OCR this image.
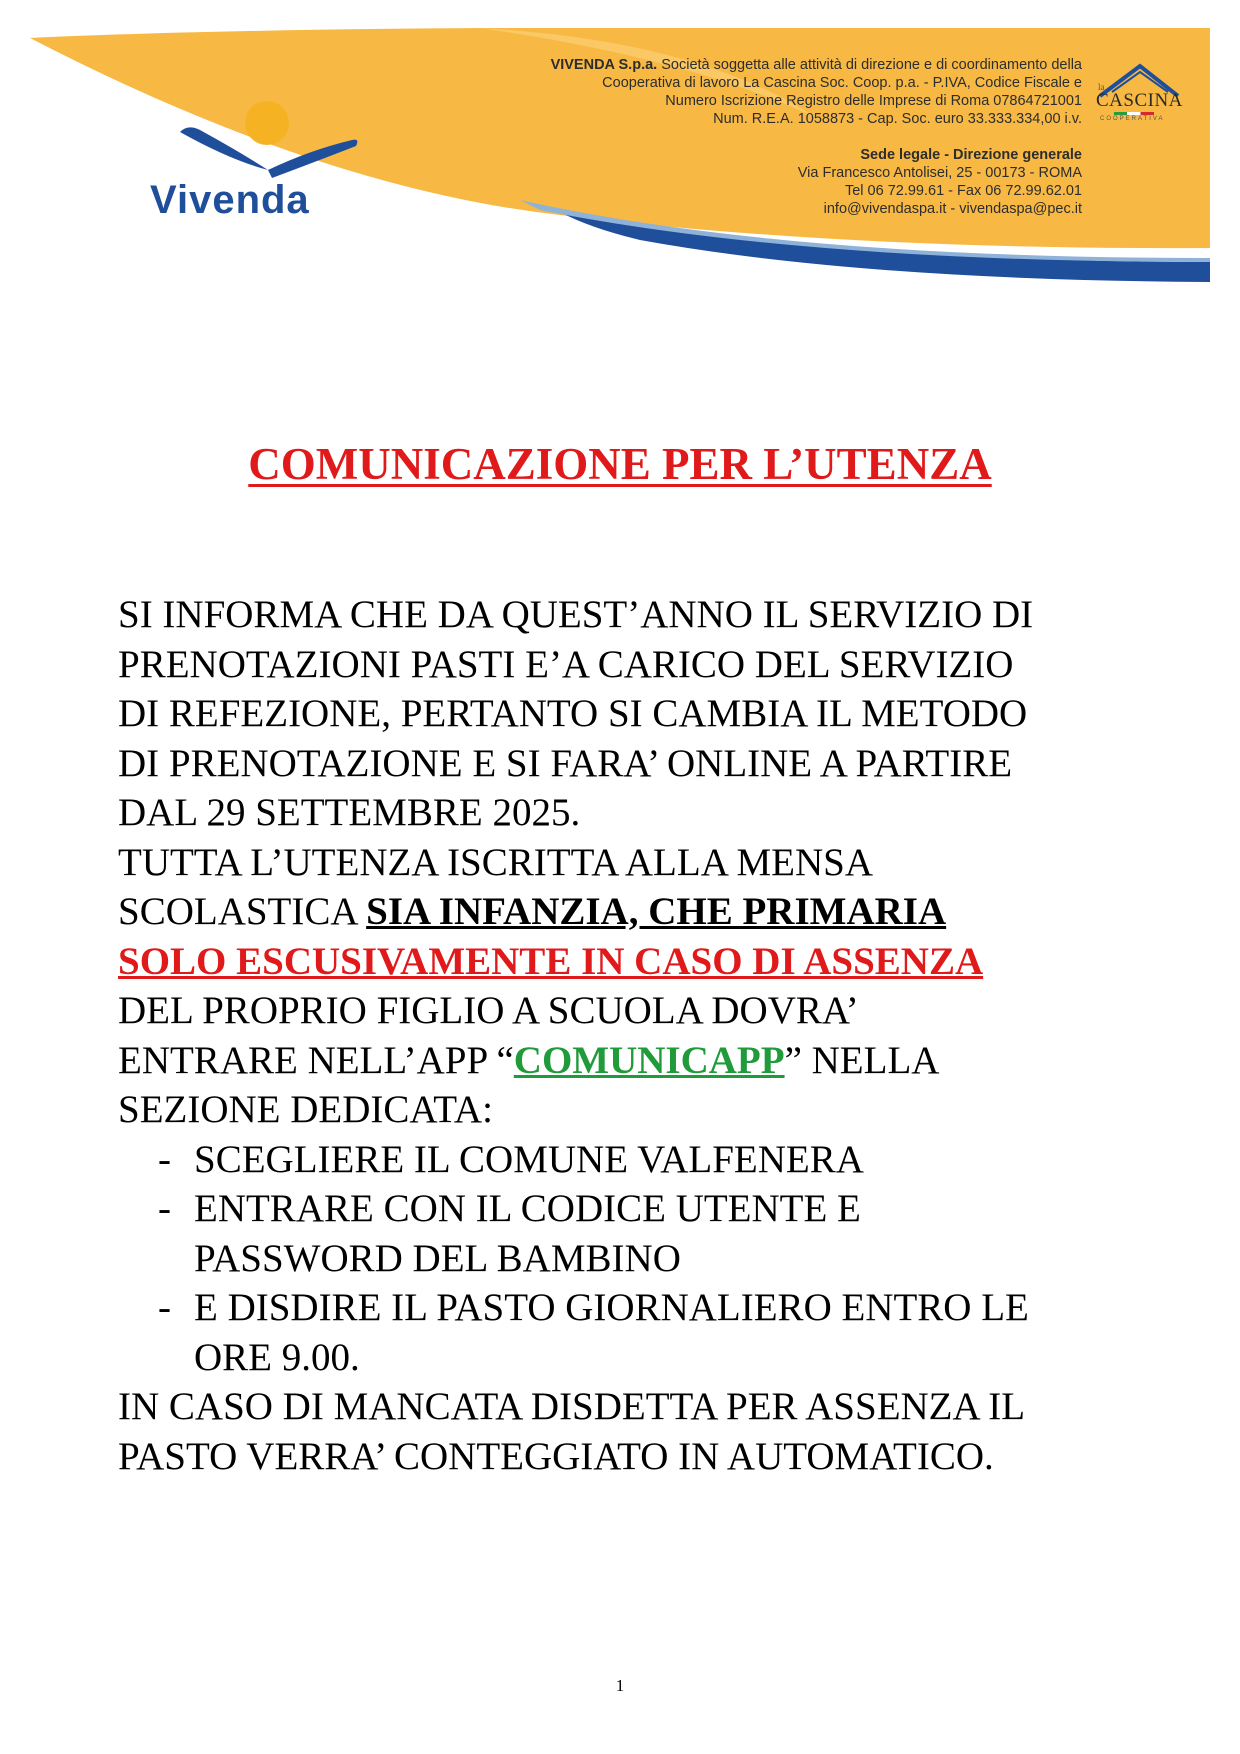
Vivenda
la
CASCINA
COOPERATIVA
VIVENDA S.p.a. Società soggetta alle attività di direzione e di coordinamento della
Cooperativa di lavoro La Cascina Soc. Coop. p.a. - P.IVA, Codice Fiscale e
Numero Iscrizione Registro delle Imprese di Roma 07864721001
Num. R.E.A. 1058873 - Cap. Soc. euro 33.333.334,00 i.v.
Sede legale - Direzione generale
Via Francesco Antolisei, 25 - 00173 - ROMA
Tel 06 72.99.61 - Fax 06 72.99.62.01
info@vivendaspa.it - vivendaspa@pec.it
COMUNICAZIONE PER L’UTENZA

SI INFORMA CHE DA QUEST’ANNO IL SERVIZIO DI

PRENOTAZIONI PASTI E’A CARICO DEL SERVIZIO

DI REFEZIONE, PERTANTO SI CAMBIA IL METODO

DI PRENOTAZIONE E SI FARA’ ONLINE A PARTIRE

DAL 29 SETTEMBRE 2025.

TUTTA L’UTENZA ISCRITTA ALLA MENSA

SCOLASTICA SIA INFANZIA, CHE PRIMARIA

SOLO ESCUSIVAMENTE IN CASO DI ASSENZA

DEL PROPRIO FIGLIO A SCUOLA DOVRA’

ENTRARE NELL’APP “COMUNICAPP” NELLA

SEZIONE DEDICATA:

- SCEGLIERE IL COMUNE VALFENERA
- ENTRARE CON IL CODICE UTENTE E
PASSWORD DEL BAMBINO
- E DISDIRE IL PASTO GIORNALIERO ENTRO LE
ORE 9.00.

IN CASO DI MANCATA DISDETTA PER ASSENZA IL

PASTO VERRA’ CONTEGGIATO IN AUTOMATICO.

1
